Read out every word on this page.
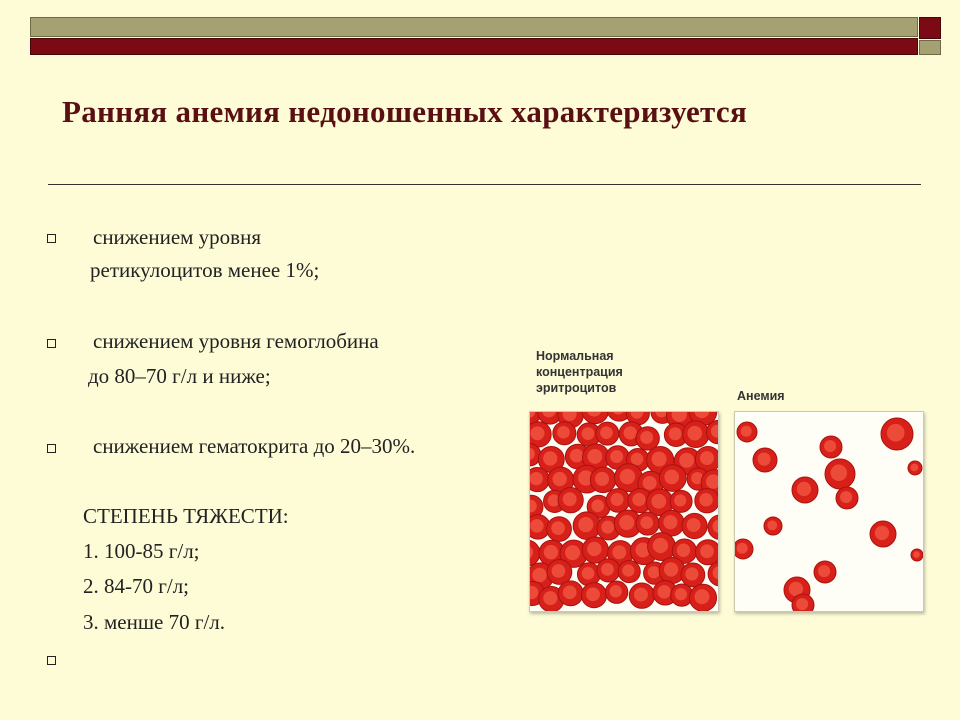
Ранняя анемия недоношенных характеризуется
снижением уровня
ретикулоцитов менее 1%;
снижением уровня гемоглобина
до 80–70 г/л и ниже;
снижением гематокрита до 20–30%.
СТЕПЕНЬ ТЯЖЕСТИ:
1. 100-85 г/л;
2. 84-70 г/л;
3. менше 70 г/л.
Нормальная
концентрация
эритроцитов
Анемия
